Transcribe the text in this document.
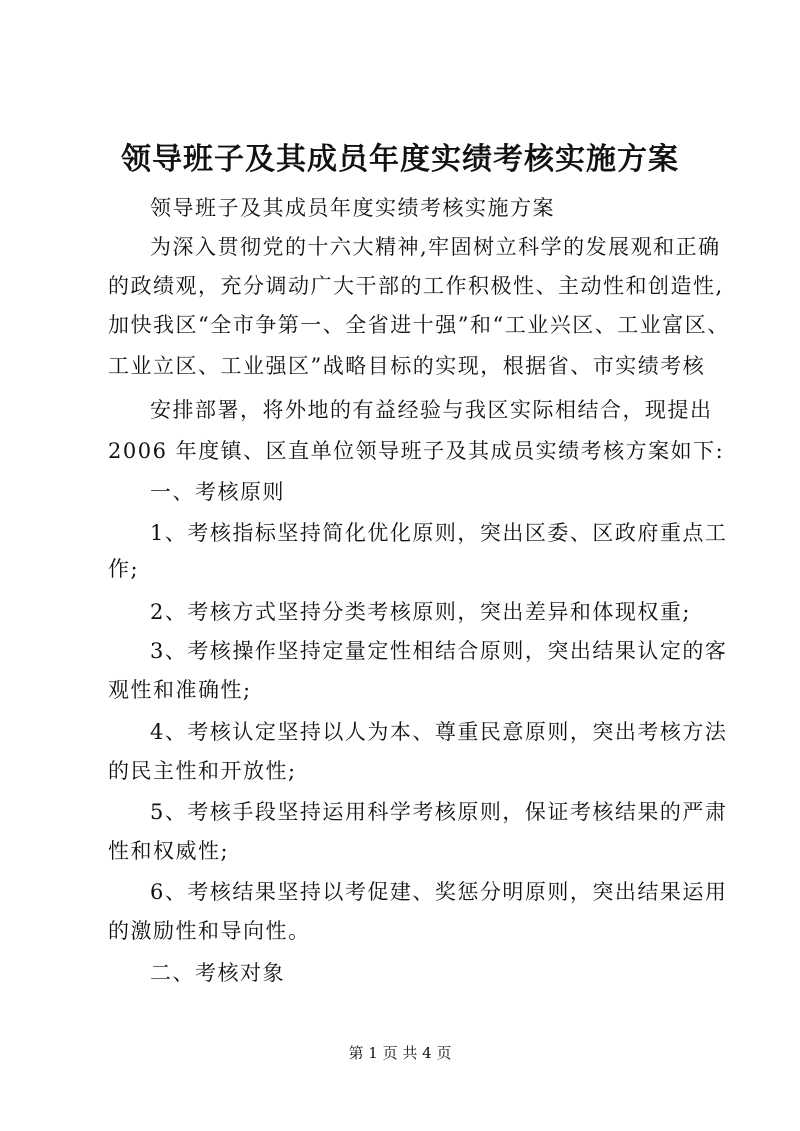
领导班子及其成员年度实绩考核实施方案
领导班子及其成员年度实绩考核实施方案
为深入贯彻党的十六大精神,牢固树立科学的发展观和正确
的政绩观，充分调动广大干部的工作积极性、主动性和创造性,
加快我区“全市争第一、全省进十强”和“工业兴区、工业富区、
工业立区、工业强区”战略目标的实现，根据省、市实绩考核
安排部署，将外地的有益经验与我区实际相结合，现提出
2006 年度镇、区直单位领导班子及其成员实绩考核方案如下:
一、考核原则
1、考核指标坚持简化优化原则，突出区委、区政府重点工
作;
2、考核方式坚持分类考核原则，突出差异和体现权重;
3、考核操作坚持定量定性相结合原则，突出结果认定的客
观性和准确性;
4、考核认定坚持以人为本、尊重民意原则，突出考核方法
的民主性和开放性;
5、考核手段坚持运用科学考核原则，保证考核结果的严肃
性和权威性;
6、考核结果坚持以考促建、奖惩分明原则，突出结果运用
的激励性和导向性。
二、考核对象
第 1 页 共 4 页
